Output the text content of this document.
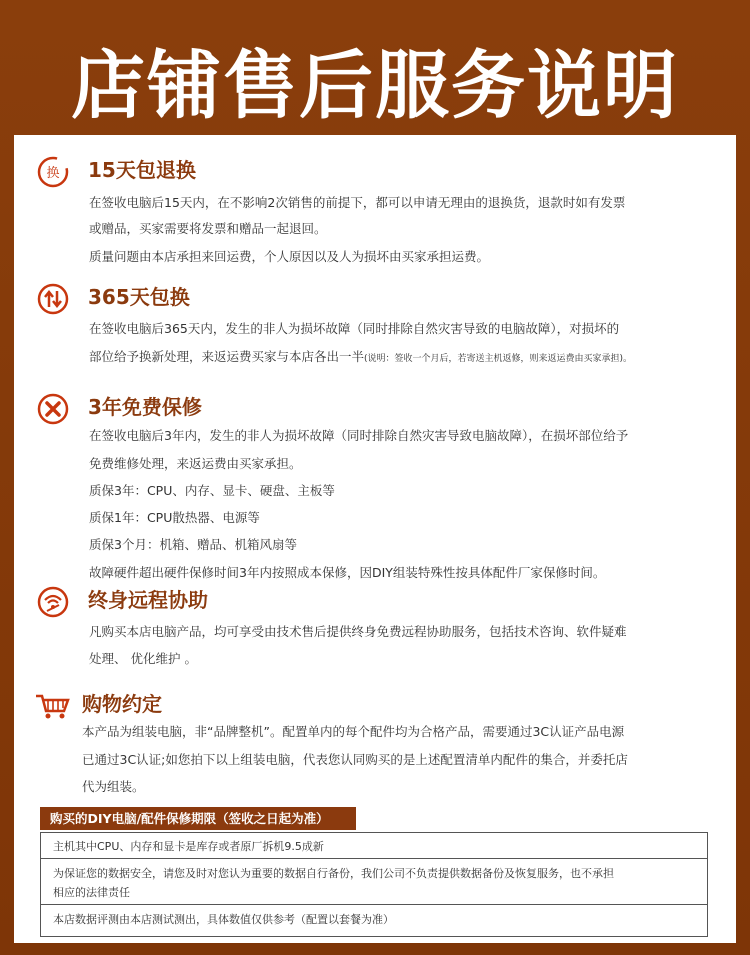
店铺售后服务说明
换 15天包退换
在签收电脑后15天内，在不影响2次销售的前提下，都可以申请无理由的退换货，退款时如有发票
或赠品，买家需要将发票和赠品一起退回。
质量问题由本店承担来回运费，个人原因以及人为损坏由买家承担运费。
365天包换
在签收电脑后365天内，发生的非人为损坏故障（同时排除自然灾害导致的电脑故障），对损坏的
部位给予换新处理，来返运费买家与本店各出一半(说明：签收一个月后，若寄送主机返修，则来返运费由买家承担)。
3年免费保修
在签收电脑后3年内，发生的非人为损坏故障（同时排除自然灾害导致电脑故障），在损坏部位给予
免费维修处理，来返运费由买家承担。
质保3年：CPU、内存、显卡、硬盘、主板等
质保1年：CPU散热器、电源等
质保3个月：机箱、赠品、机箱风扇等
故障硬件超出硬件保修时间3年内按照成本保修，因DIY组装特殊性按具体配件厂家保修时间。
终身远程协助
凡购买本店电脑产品，均可享受由技术售后提供终身免费远程协助服务，包括技术咨询、软件疑难
处理、 优化维护 。
购物约定
本产品为组装电脑，非“品牌整机”。配置单内的每个配件均为合格产品，需要通过3C认证产品电源
已通过3C认证;如您拍下以上组装电脑，代表您认同购买的是上述配置清单内配件的集合，并委托店
代为组装。
购买的DIY电脑/配件保修期限（签收之日起为准）
主机其中CPU、内存和显卡是库存或者原厂拆机9.5成新
为保证您的数据安全，请您及时对您认为重要的数据自行备份，我们公司不负责提供数据备份及恢复服务，也不承担
相应的法律责任
本店数据评测由本店测试测出，具体数值仅供参考（配置以套餐为准）
